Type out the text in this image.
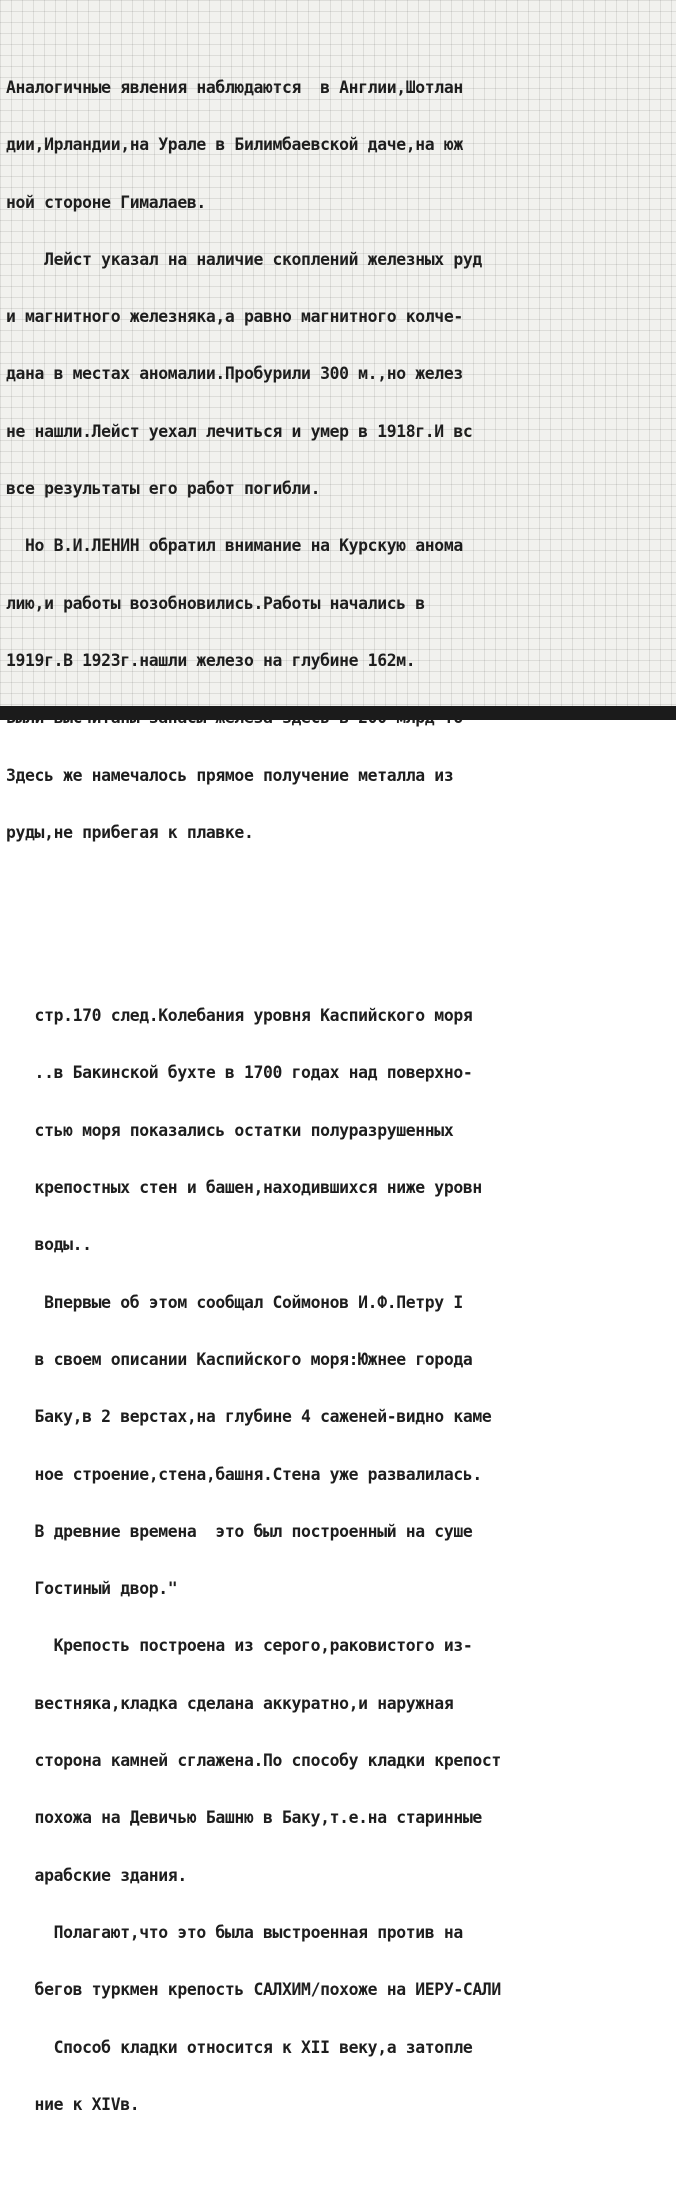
Аналогичные явления наблюдаются  в Англии,Шотлан

дии,Ирландии,на Урале в Билимбаевской даче,на юж

ной стороне Гималаев.

Лейст указал на наличие скоплений железных руд

и магнитного железняка,а равно магнитного колче-

дана в местах аномалии.Пробурили 300 м.,но желез

не нашли.Лейст уехал лечиться и умер в 1918г.И вс

все результаты его работ погибли.

Но В.И.ЛЕНИН обратил внимание на Курскую анома

лию,и работы возобновились.Работы начались в

1919г.В 1923г.нашли железо на глубине 162м.

Здесь же намечалось прямое получение металла из

руды,не прибегая к плавке.

стр.170 след.Колебания уровня Каспийского моря

..в Бакинской бухте в 1700 годах над поверхно-

стью моря показались остатки полуразрушенных

крепостных стен и башен,находившихся ниже уровн

воды..

Впервые об этом сообщал Соймонов И.Ф.Петру I

в своем описании Каспийского моря:Южнее города

Баку,в 2 верстах,на глубине 4 саженей-видно каме

ное строение,стена,башня.Стена уже развалилась.

В древние времена  это был построенный на суше

Гостиный двор."

Крепость построена из серого,раковистого из-

вестняка,кладка сделана аккуратно,и наружная

сторона камней сглажена.По способу кладки крепост

похожа на Девичью Башню в Баку,т.е.на старинные

арабские здания.

Полагают,что это была выстроенная против на

бегов туркмен крепость САЛХИМ/похоже на ИЕРУ-САЛИ

Способ кладки относится к XII веку,а затопле

ние к XIVв.
